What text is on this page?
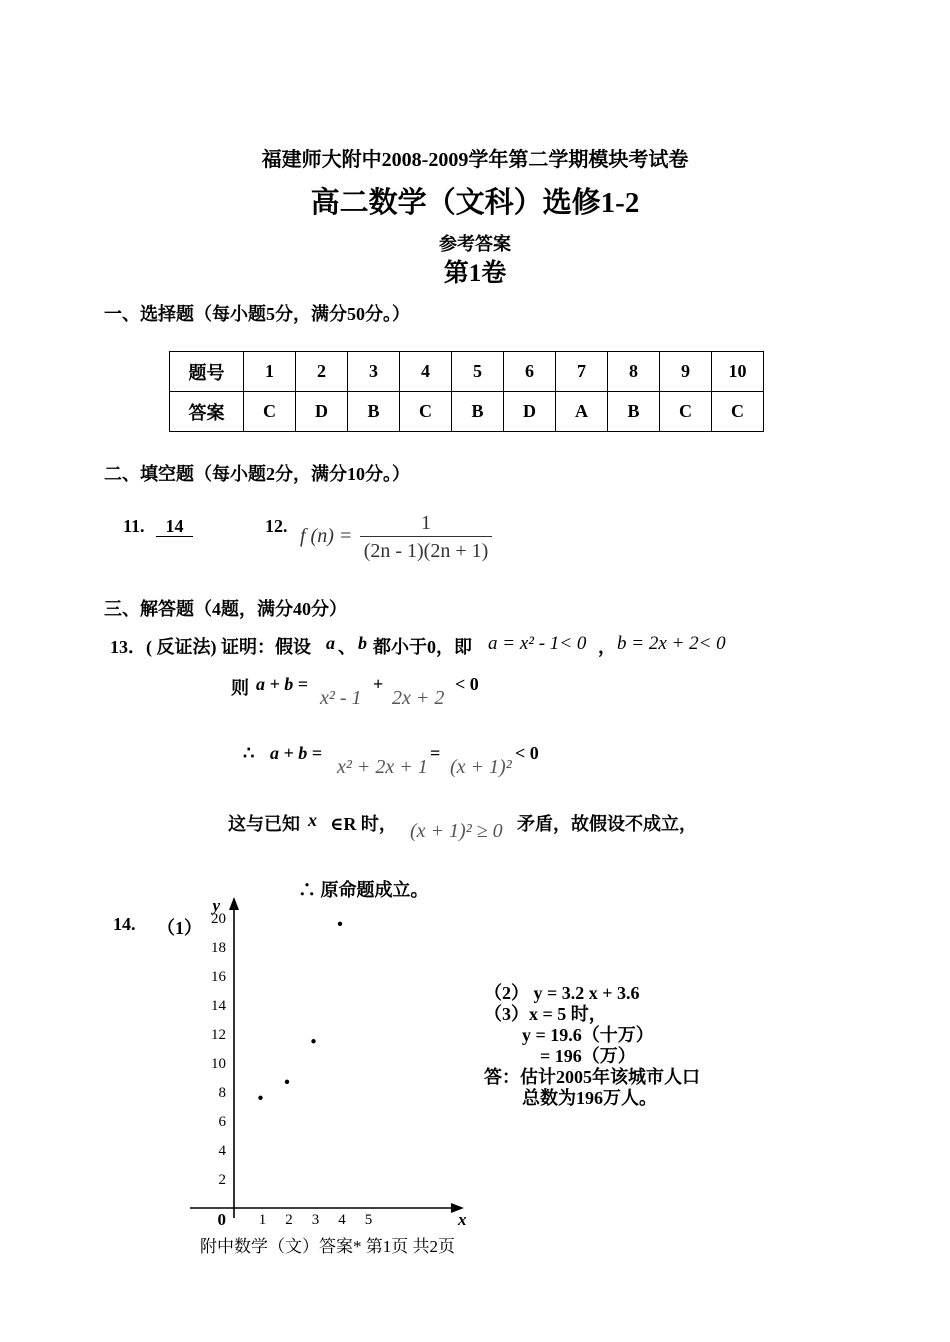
福建师大附中2008-2009学年第二学期模块考试卷
高二数学（文科）选修1-2
参考答案
第1卷
一、选择题（每小题5分，满分50分。）
题号	1	2	3	4	5	6	7	8	9	10
答案	C	D	B	C	B	D	A	B	C	C
二、填空题（每小题2分，满分10分。）
11.	14	12. f (n) =
1
(2n - 1)(2n + 1)
三、解答题（4题，满分40分）
13．( 反证法) 证明：假设 a 、 b 都小于0，即 a = x² - 1< 0 ， b = 2x + 2< 0
则 a + b =
x² - 1
+
2x + 2
< 0
∴ a + b =
x² + 2x + 1
=
(x + 1)²
< 0
这与已知 x ∈R 时， (x + 1)² ≥ 0 矛盾，故假设不成立，
∴ 原命题成立。
14. （1）
y
x
0
2
4
6
8
10
12
14
16
18
20
1 2 3 4 5
（2） y = 3.2 x + 3.6
（3）x = 5 时，
y = 19.6（十万）
= 196（万）
答：估计2005年该城市人口
总数为196万人。
附中数学（文）答案* 第1页 共2页
